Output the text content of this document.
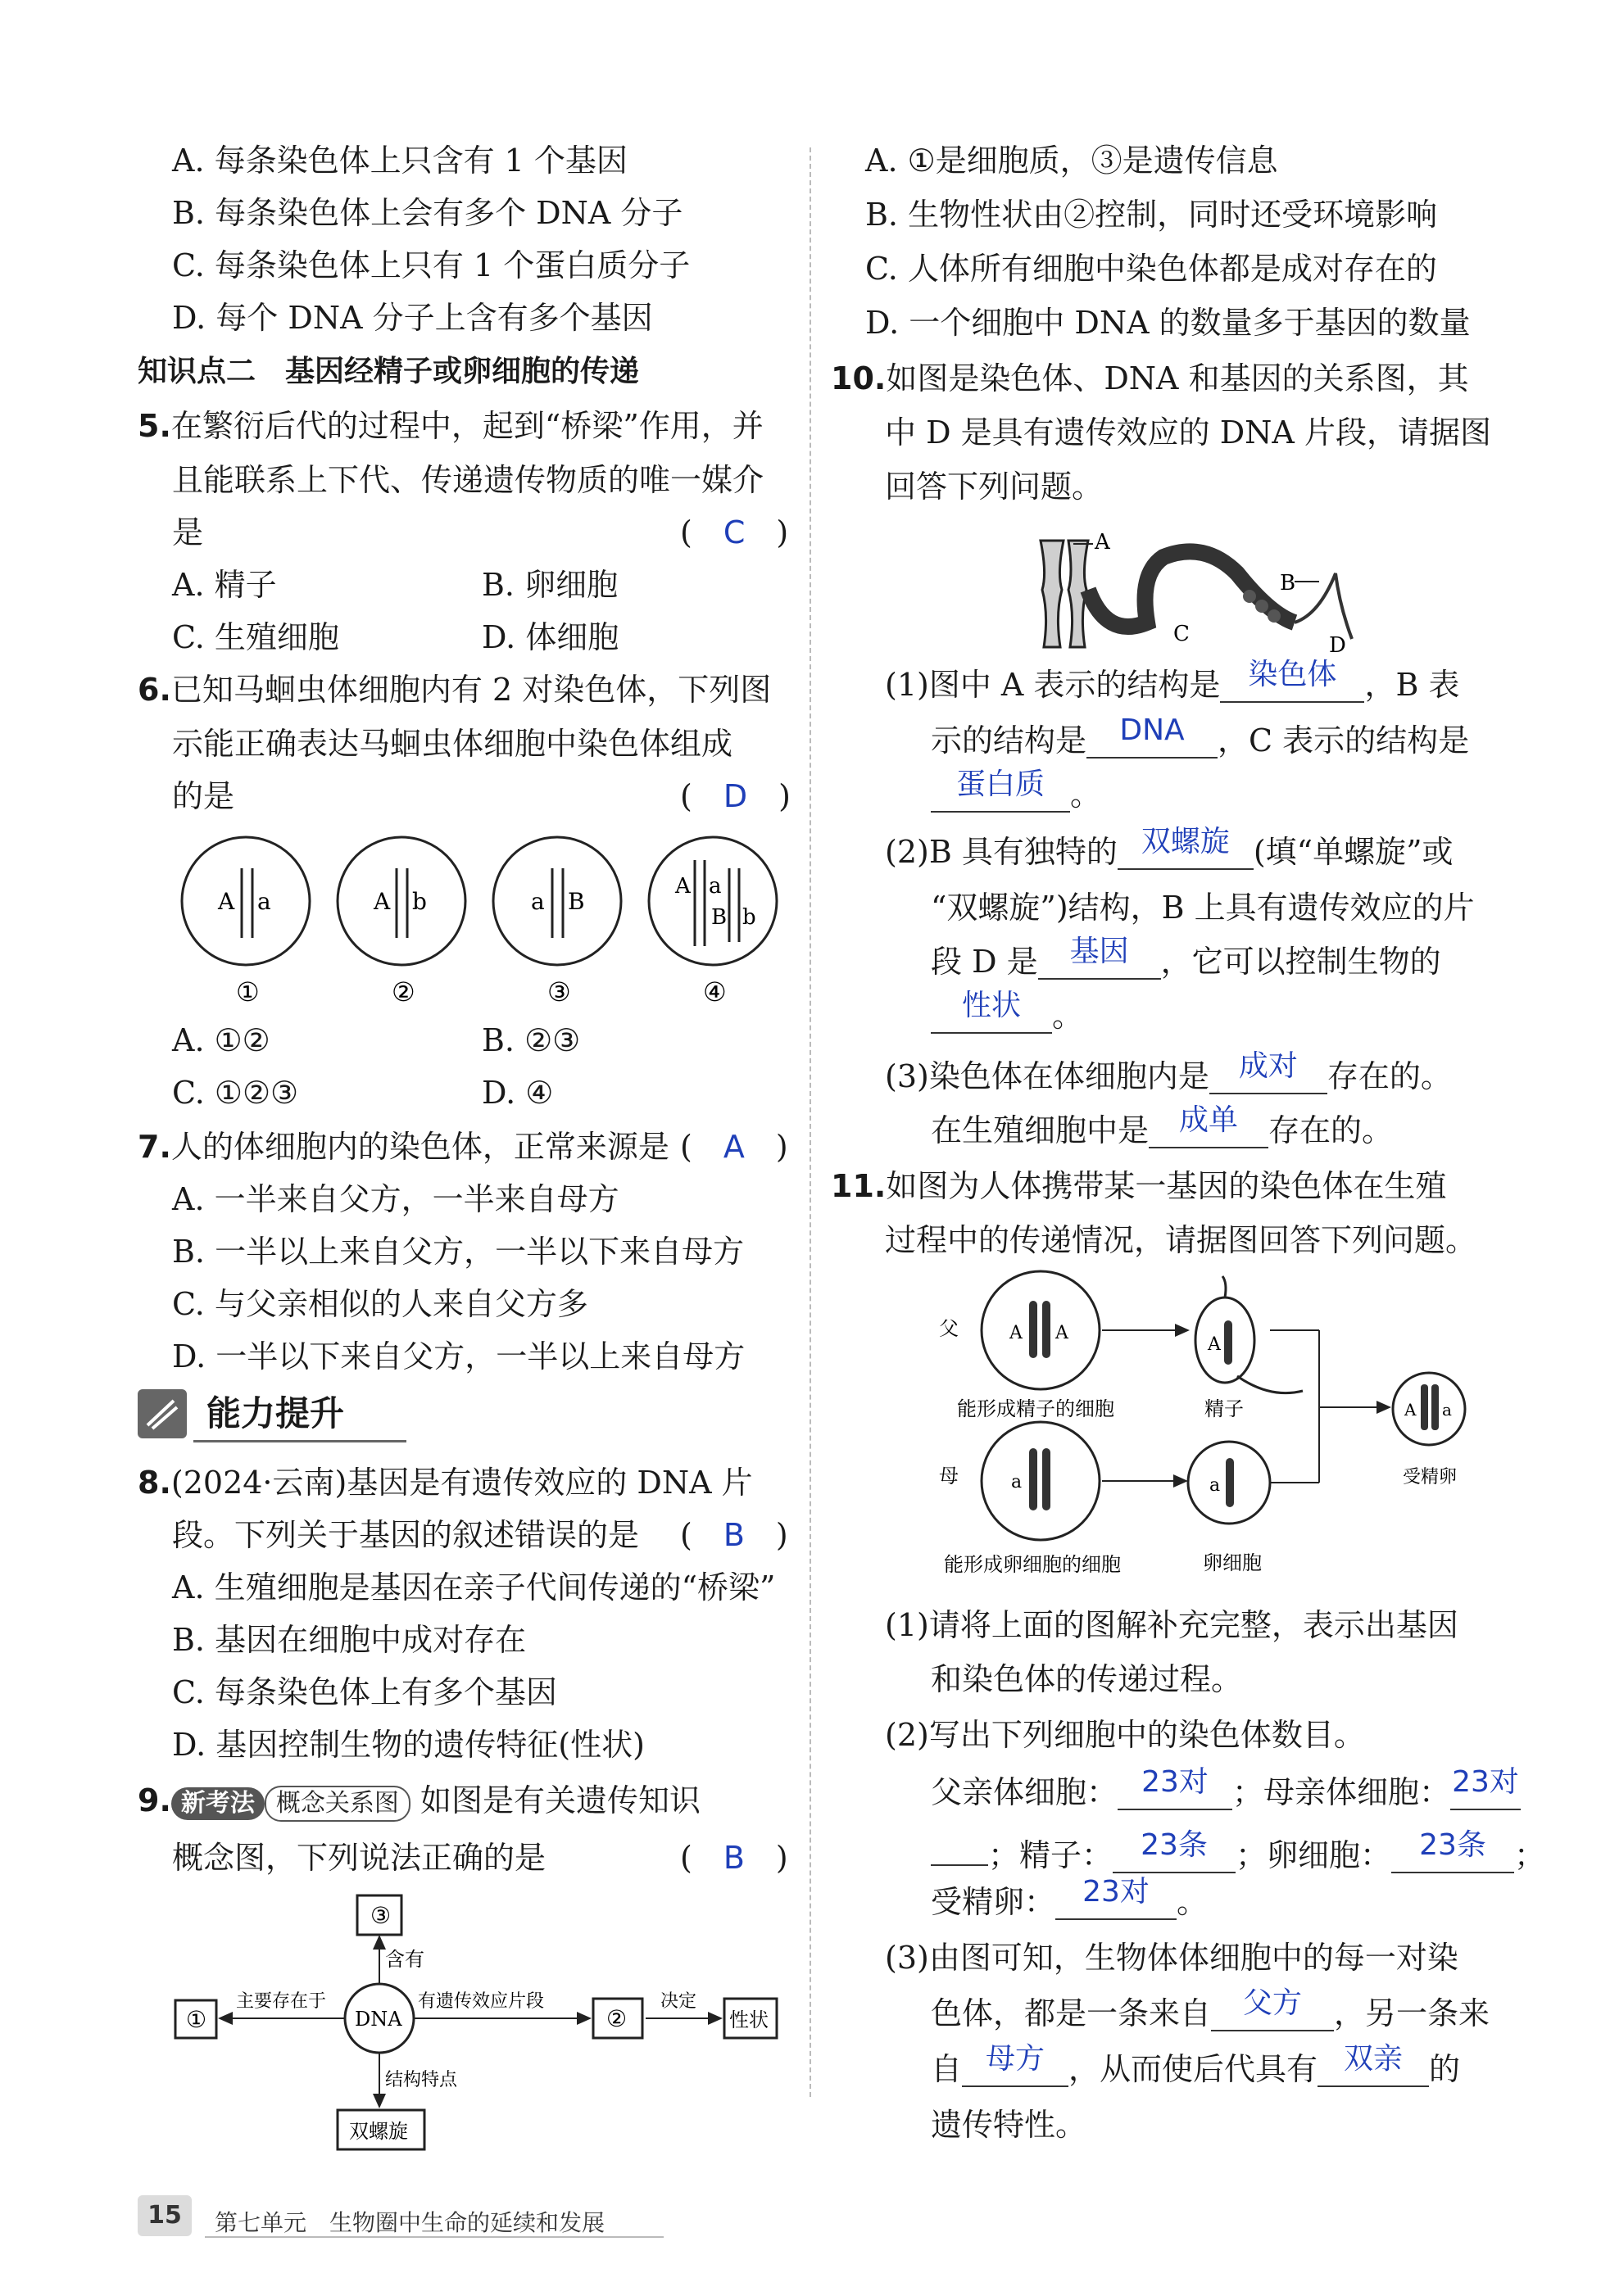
A. 每条染色体上只含有 1 个基因
B. 每条染色体上会有多个 DNA 分子
C. 每条染色体上只有 1 个蛋白质分子
D. 每个 DNA 分子上含有多个基因
知识点二　基因经精子或卵细胞的传递
5.在繁衍后代的过程中，起到“桥梁”作用，并
且能联系上下代、传递遗传物质的唯一媒介
是	(　C　)
A. 精子	B. 卵细胞
C. 生殖细胞	D. 体细胞
6.已知马蛔虫体细胞内有 2 对染色体，下列图
示能正确表达马蛔虫体细胞中染色体组成
的是	(　D　)
A a
①
A b
②
a B
③
A a
B b
④
A. ①②	B. ②③
C. ①②③	D. ④
7.人的体细胞内的染色体，正常来源是 (　A　)
A. 一半来自父方，一半来自母方
B. 一半以上来自父方，一半以下来自母方
C. 与父亲相似的人来自父方多
D. 一半以下来自父方，一半以上来自母方
能力提升
8.(2024·云南)基因是有遗传效应的 DNA 片
段。下列关于基因的叙述错误的是 (　B　)
A. 生殖细胞是基因在亲子代间传递的“桥梁”
B. 基因在细胞中成对存在
C. 每条染色体上有多个基因
D. 基因控制生物的遗传特征(性状)
9. 新考法 概念关系图 如图是有关遗传知识
概念图，下列说法正确的是	(　B　)
③
含有
DNA
①
主要存在于	有遗传效应片段
②
决定
性状
结构特点
双螺旋
A. ①是细胞质，③是遗传信息
B. 生物性状由②控制，同时还受环境影响
C. 人体所有细胞中染色体都是成对存在的
D. 一个细胞中 DNA 的数量多于基因的数量
10.如图是染色体、DNA 和基因的关系图，其
中 D 是具有遗传效应的 DNA 片段，请据图
回答下列问题。
A
B
C	D
(1)图中 A 表示的结构是 染色体 ，B 表
示的结构是 DNA ，C 表示的结构是
蛋白质 。
(2)B 具有独特的 双螺旋 (填“单螺旋”或
“双螺旋”)结构，B 上具有遗传效应的片
段 D 是 基因 ，它可以控制生物的
性状 。
(3)染色体在体细胞内是 成对 存在的。
在生殖细胞中是 成单 存在的。
11.如图为人体携带某一基因的染色体在生殖
过程中的传递情况，请据图回答下列问题。
父	A A
能形成精子的细胞
A
精子
母	a
能形成卵细胞的细胞
a
卵细胞
A a
受精卵
(1)请将上面的图解补充完整，表示出基因
和染色体的传递过程。
(2)写出下列细胞中的染色体数目。
父亲体细胞： 23对 ；母亲体细胞：23对
；精子： 23条 ；卵细胞： 23条 ；
受精卵： 23对 。
(3)由图可知，生物体体细胞中的每一对染
色体，都是一条来自 父方 ，另一条来
自 母方 ，从而使后代具有 双亲 的
遗传特性。
15	第七单元　生物圈中生命的延续和发展
